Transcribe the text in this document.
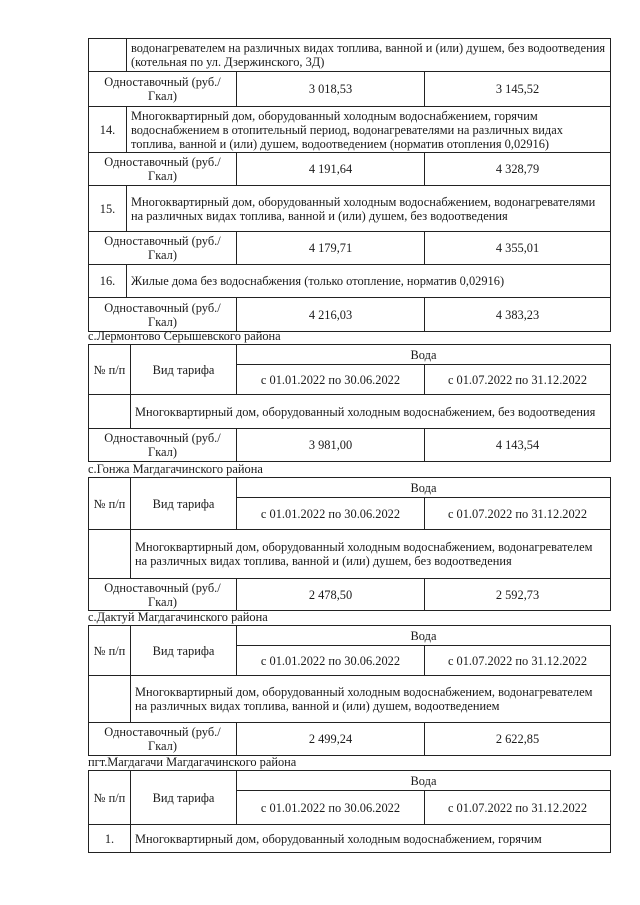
	водонагревателем на различных видах топлива, ванной и (или) душем, без водоотведения (котельная по ул. Дзержинского, 3Д)		
Одноставочный (руб./Гкал)		3 018,53	3 145,52
14.	Многоквартирный дом, оборудованный холодным водоснабжением, горячим водоснабжением в отопительный период, водонагревателями на различных видах топлива, ванной и (или) душем, водоотведением (норматив отопления 0,02916)		
Одноставочный (руб./Гкал)		4 191,64	4 328,79
15.	Многоквартирный дом, оборудованный холодным водоснабжением, водонагревателями на различных видах топлива, ванной и (или) душем, без водоотведения		
Одноставочный (руб./Гкал)		4 179,71	4 355,01
16.	Жилые дома без водоснабжения (только отопление, норматив 0,02916)		
Одноставочный (руб./Гкал)		4 216,03	4 383,23
с.Лермонтово Серышевского района
№ п/п	Вид тарифа	Вода	
		с 01.01.2022 по 30.06.2022	с 01.07.2022 по 31.12.2022
	Многоквартирный дом, оборудованный холодным водоснабжением, без водоотведения		
Одноставочный (руб./Гкал)		3 981,00	4 143,54
с.Гонжа Магдагачинского района
№ п/п	Вид тарифа	Вода	
		с 01.01.2022 по 30.06.2022	с 01.07.2022 по 31.12.2022
	Многоквартирный дом, оборудованный холодным водоснабжением, водонагревателем на различных видах топлива, ванной и (или) душем, без водоотведения		
Одноставочный (руб./Гкал)		2 478,50	2 592,73
с.Дактуй Магдагачинского района
№ п/п	Вид тарифа	Вода	
		с 01.01.2022 по 30.06.2022	с 01.07.2022 по 31.12.2022
	Многоквартирный дом, оборудованный холодным водоснабжением, водонагревателем на различных видах топлива, ванной и (или) душем, водоотведением		
Одноставочный (руб./Гкал)		2 499,24	2 622,85
пгт.Магдагачи Магдагачинского района
№ п/п	Вид тарифа	Вода	
		с 01.01.2022 по 30.06.2022	с 01.07.2022 по 31.12.2022
1.	Многоквартирный дом, оборудованный холодным водоснабжением, горячим		
